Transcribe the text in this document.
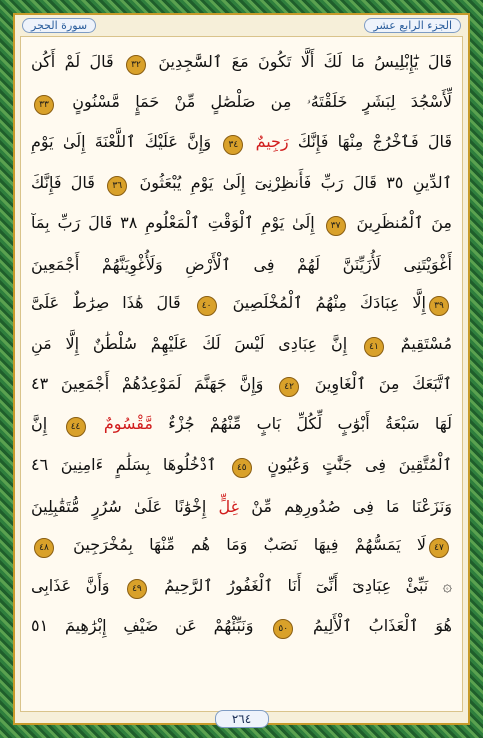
الجزء الرابع عشر
سورة الحجر
قَالَ يَٰٓإِبْلِيسُ مَا لَكَ أَلَّا تَكُونَ مَعَ ٱلسَّٰجِدِينَ ٣٢ قَالَ لَمْ أَكُن
لِّأَسْجُدَ لِبَشَرٍ خَلَقْتَهُۥ مِن صَلْصَٰلٍ مِّنْ حَمَإٍ مَّسْنُونٍ ٣٣
قَالَ فَٱخْرُجْ مِنْهَا فَإِنَّكَ رَجِيمٌ ٣٤ وَإِنَّ عَلَيْكَ ٱللَّعْنَةَ إِلَىٰ يَوْمِ
ٱلدِّينِ ٣٥ قَالَ رَبِّ فَأَنظِرْنِىٓ إِلَىٰ يَوْمِ يُبْعَثُونَ ٣٦ قَالَ فَإِنَّكَ
مِنَ ٱلْمُنظَرِينَ ٣٧ إِلَىٰ يَوْمِ ٱلْوَقْتِ ٱلْمَعْلُومِ ٣٨ قَالَ رَبِّ بِمَآ
أَغْوَيْتَنِى لَأُزَيِّنَنَّ لَهُمْ فِى ٱلْأَرْضِ وَلَأُغْوِيَنَّهُمْ أَجْمَعِينَ
٣٩إِلَّا عِبَادَكَ مِنْهُمُ ٱلْمُخْلَصِينَ ٤٠ قَالَ هَٰذَا صِرَٰطٌ عَلَىَّ
مُسْتَقِيمٌ ٤١ إِنَّ عِبَادِى لَيْسَ لَكَ عَلَيْهِمْ سُلْطَٰنٌ إِلَّا مَنِ
ٱتَّبَعَكَ مِنَ ٱلْغَاوِينَ ٤٢ وَإِنَّ جَهَنَّمَ لَمَوْعِدُهُمْ أَجْمَعِينَ ٤٣
لَهَا سَبْعَةُ أَبْوَٰبٍ لِّكُلِّ بَابٍ مِّنْهُمْ جُزْءٌ مَّقْسُومٌ ٤٤ إِنَّ
ٱلْمُتَّقِينَ فِى جَنَّٰتٍ وَعُيُونٍ ٤٥ ٱدْخُلُوهَا بِسَلَٰمٍ ءَامِنِينَ ٤٦
وَنَزَعْنَا مَا فِى صُدُورِهِم مِّنْ غِلٍّ إِخْوَٰنًا عَلَىٰ سُرُرٍ مُّتَقَٰبِلِينَ
٤٧لَا يَمَسُّهُمْ فِيهَا نَصَبٌ وَمَا هُم مِّنْهَا بِمُخْرَجِينَ ٤٨
۞ نَبِّئْ عِبَادِىٓ أَنِّىٓ أَنَا ٱلْغَفُورُ ٱلرَّحِيمُ ٤٩ وَأَنَّ عَذَابِى
هُوَ ٱلْعَذَابُ ٱلْأَلِيمُ ٥٠ وَنَبِّئْهُمْ عَن ضَيْفِ إِبْرَٰهِيمَ ٥١
٢٦٤
